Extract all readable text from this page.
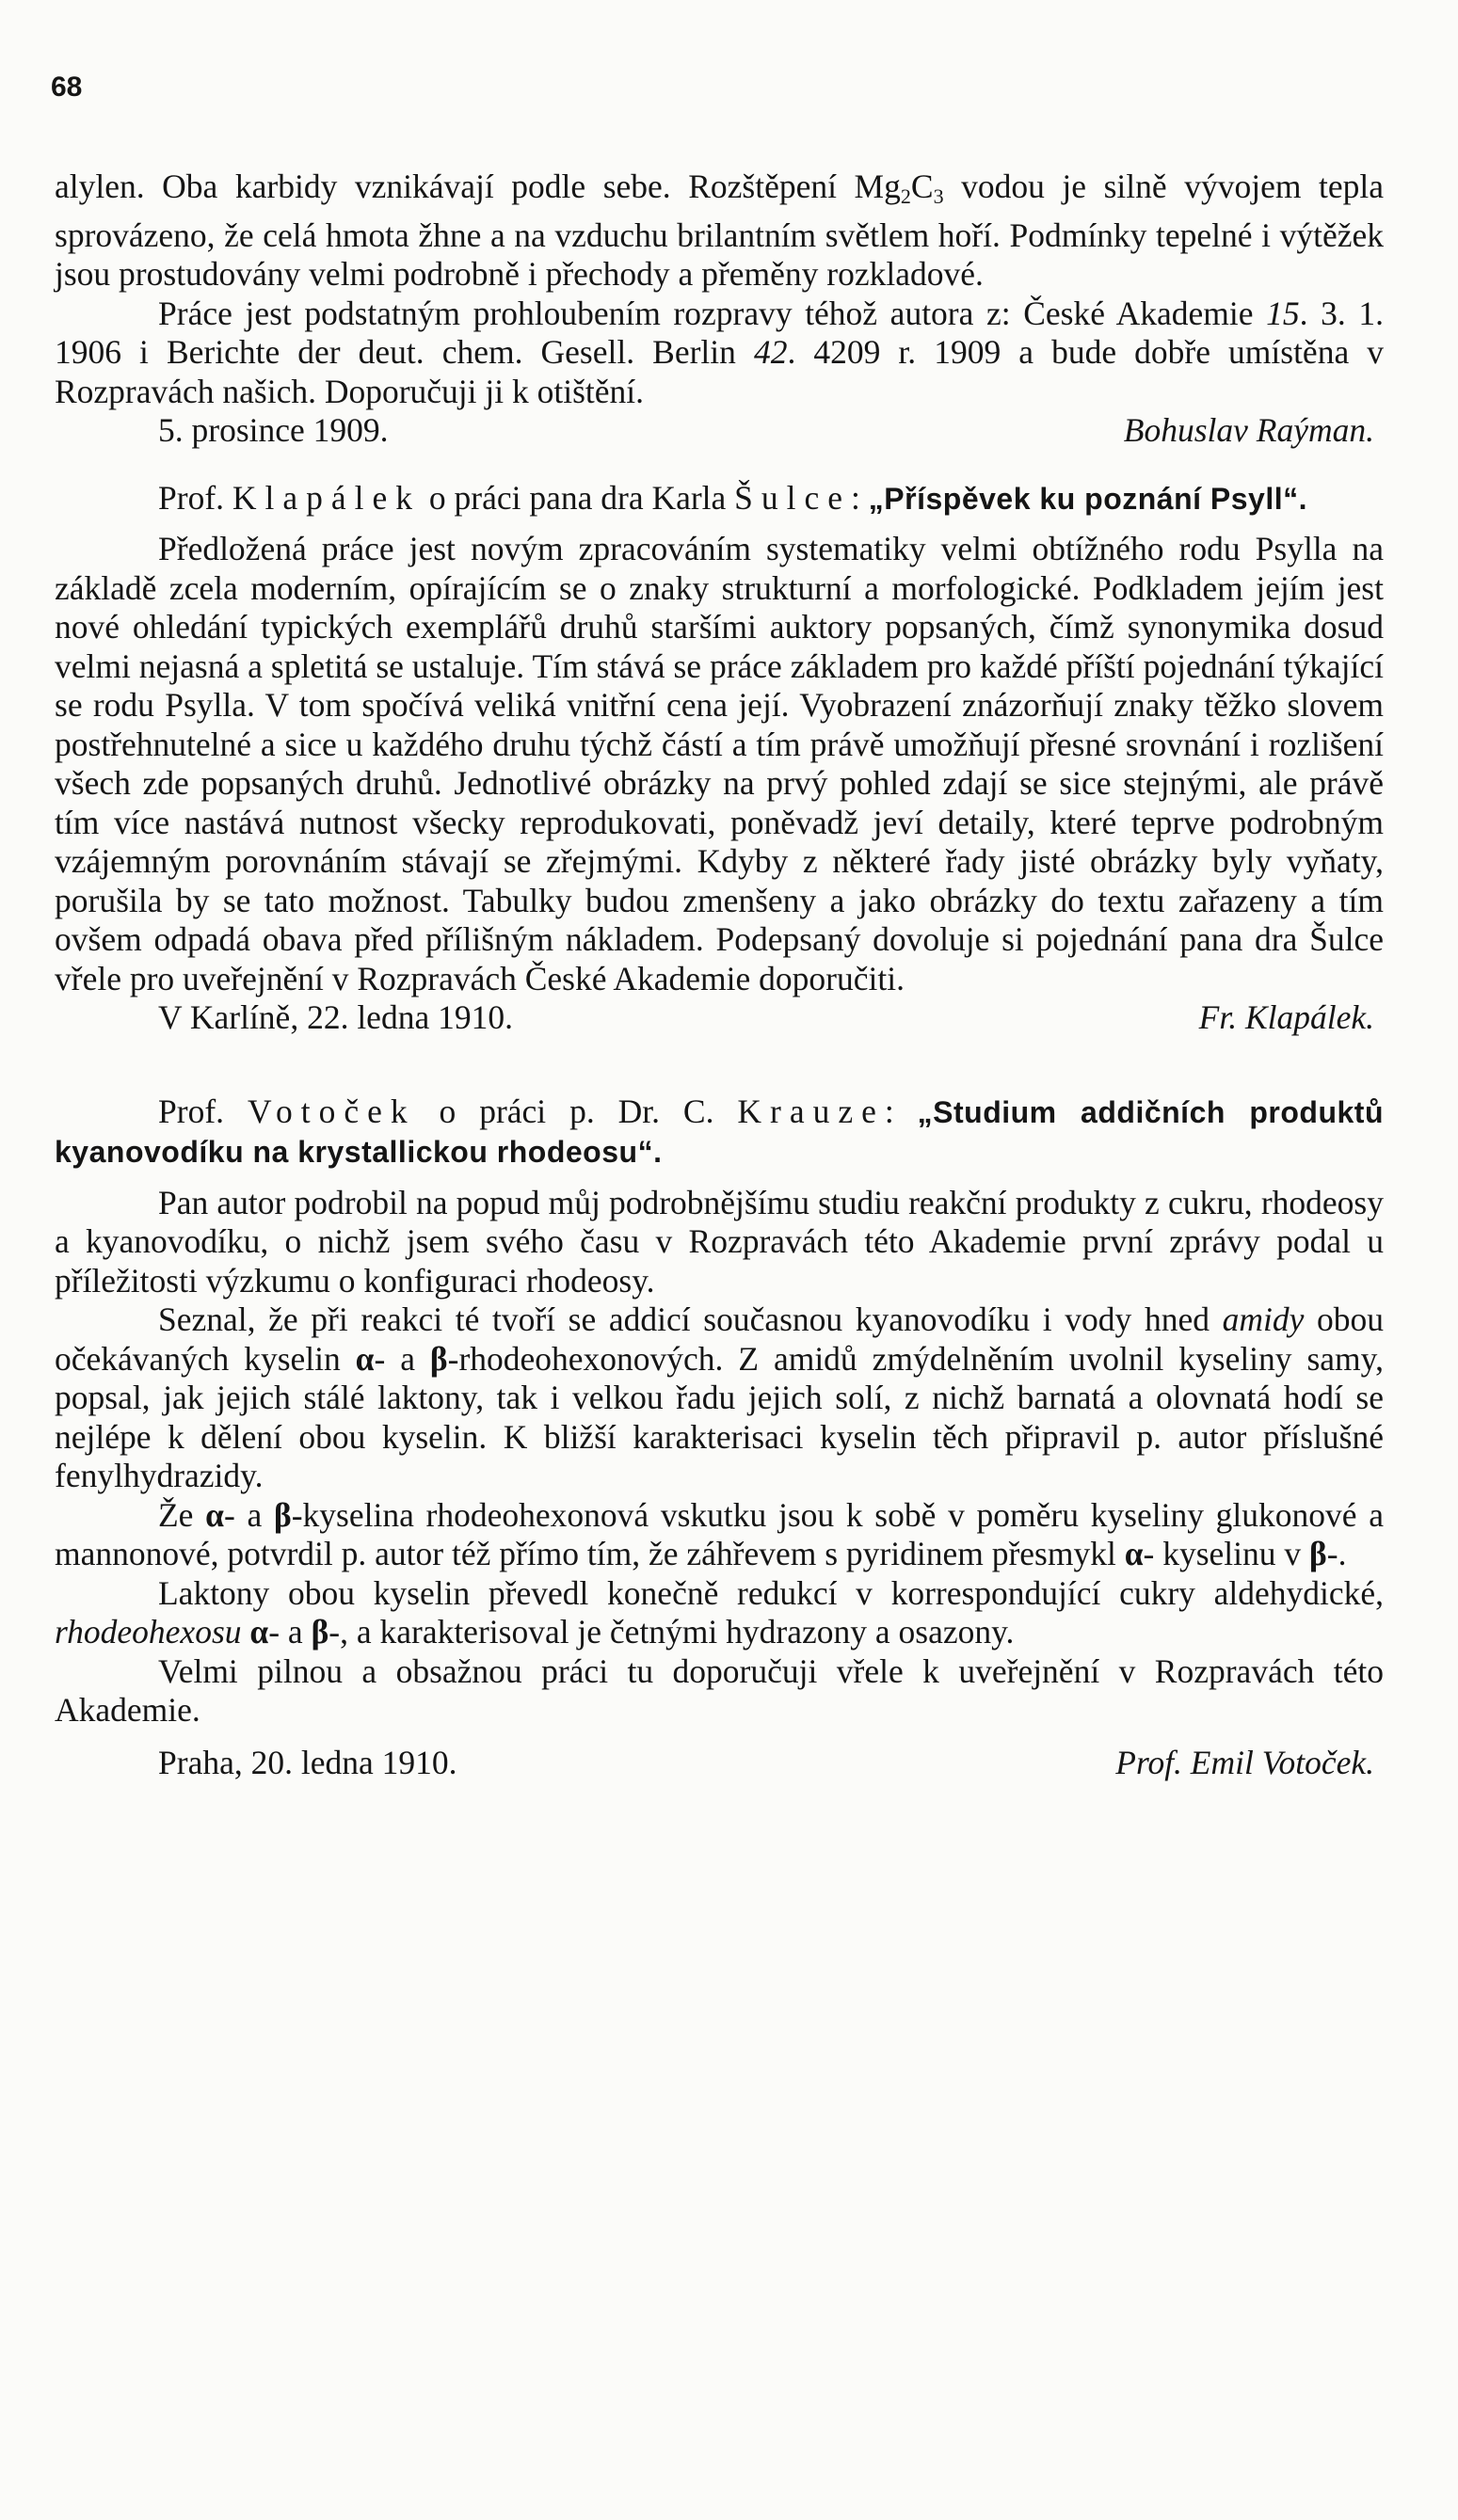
68

alylen. Oba karbidy vznikávají podle sebe. Rozštěpení Mg2C3 vodou je silně vývojem tepla sprovázeno, že celá hmota žhne a na vzduchu brilantním světlem hoří. Podmínky tepelné i výtěžek jsou prostudovány velmi podrobně i přechody a přeměny rozkladové.

Práce jest podstatným prohloubením rozpravy téhož autora z: České Akademie 15. 3. 1. 1906 i Berichte der deut. chem. Gesell. Berlin 42. 4209 r. 1909 a bude dobře umístěna v Rozpravách našich. Doporučuji ji k otištění.

5. prosince 1909.	Bohuslav Raýman.

Prof. Klapálek o práci pana dra Karla Šulce: „Příspěvek ku poznání Psyll“.

Předložená práce jest novým zpracováním systematiky velmi obtížného rodu Psylla na základě zcela moderním, opírajícím se o znaky strukturní a morfologické. Podkladem jejím jest nové ohledání typických exemplářů druhů staršími auktory popsaných, čímž synonymika dosud velmi nejasná a spletitá se ustaluje. Tím stává se práce základem pro každé příští pojednání týkající se rodu Psylla. V tom spočívá veliká vnitřní cena její. Vyobrazení znázorňují znaky těžko slovem postřehnutelné a sice u každého druhu týchž částí a tím právě umožňují přesné srovnání i rozlišení všech zde popsaných druhů. Jednotlivé obrázky na prvý pohled zdají se sice stejnými, ale právě tím více nastává nutnost všecky reprodukovati, poněvadž jeví detaily, které teprve podrobným vzájemným porovnáním stávají se zřejmými. Kdyby z některé řady jisté obrázky byly vyňaty, porušila by se tato možnost. Tabulky budou zmenšeny a jako obrázky do textu zařazeny a tím ovšem odpadá obava před přílišným nákladem. Podepsaný dovoluje si pojednání pana dra Šulce vřele pro uveřejnění v Rozpravách České Akademie doporučiti.

V Karlíně, 22. ledna 1910.	Fr. Klapálek.

Prof. Votoček o práci p. Dr. C. Krauze: „Studium addičních produktů kyanovodíku na krystallickou rhodeosu“.

Pan autor podrobil na popud můj podrobnějšímu studiu reakční produkty z cukru, rhodeosy a kyanovodíku, o nichž jsem svého času v Rozpravách této Akademie první zprávy podal u příležitosti výzkumu o konfiguraci rhodeosy.

Seznal, že při reakci té tvoří se addicí současnou kyanovodíku i vody hned amidy obou očekávaných kyselin α- a β-rhodeohexonových. Z amidů zmýdelněním uvolnil kyseliny samy, popsal, jak jejich stálé laktony, tak i velkou řadu jejich solí, z nichž barnatá a olovnatá hodí se nejlépe k dělení obou kyselin. K bližší karakterisaci kyselin těch připravil p. autor příslušné fenylhydrazidy.

Že α- a β-kyselina rhodeohexonová vskutku jsou k sobě v poměru kyseliny glukonové a mannonové, potvrdil p. autor též přímo tím, že záhřevem s pyridinem přesmykl α- kyselinu v β-.

Laktony obou kyselin převedl konečně redukcí v korrespondující cukry aldehydické, rhodeohexosu α- a β-, a karakterisoval je četnými hydrazony a osazony.

Velmi pilnou a obsažnou práci tu doporučuji vřele k uveřejnění v Rozpravách této Akademie.

Praha, 20. ledna 1910.	Prof. Emil Votoček.
